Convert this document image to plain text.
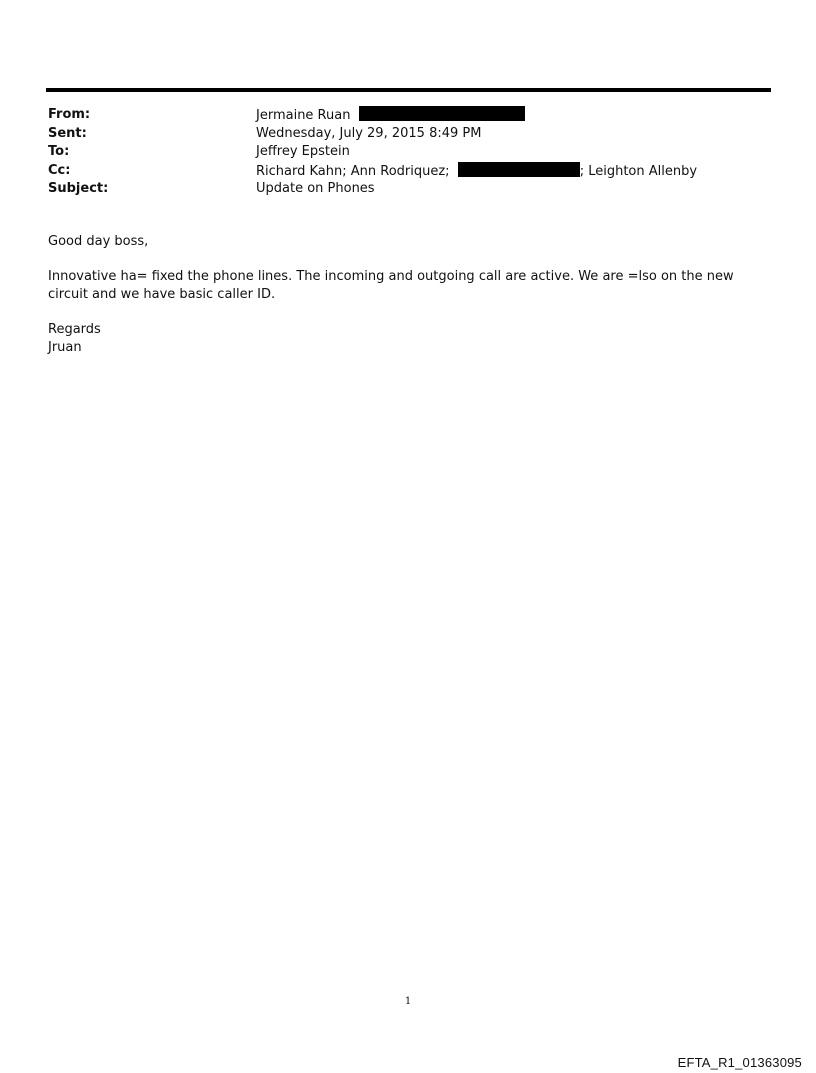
From:	Jermaine Ruan
Sent:	Wednesday, July 29, 2015 8:49 PM
To:	Jeffrey Epstein
Cc:	Richard Kahn; Ann Rodriquez;	; Leighton Allenby
Subject:	Update on Phones

Good day boss,

Innovative ha= fixed the phone lines. The incoming and outgoing call are active. We are =lso on the new circuit and we have basic caller ID.

Regards
Jruan

1
EFTA_R1_01363095
